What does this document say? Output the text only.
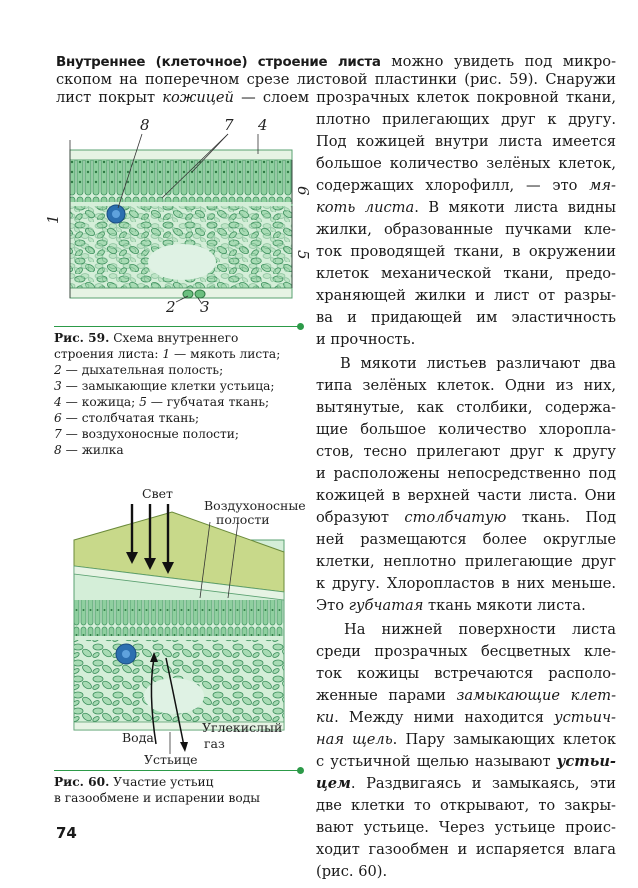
Внутреннее (клеточное) строение листа можно увидеть под микро-
скопом на поперечном срезе листовой пластинки (рис. 59). Снаружи
лист покрыт кожицей — слоем прозрачных клеток покровной ткани,
плотно прилегающих друг к другу.
Под кожицей внутри листа имеется
большое количество зелёных клеток,
содержащих хлорофилл, — это мя-
коть листа. В мякоти листа видны
жилки, образованные пучками кле-
ток проводящей ткани, в окружении
клеток механической ткани, предо-
храняющей жилки и лист от разры-
ва и придающей им эластичность
и прочность.
В мякоти листьев различают два
типа зелёных клеток. Одни из них,
вытянутые, как столбики, содержа-
щие большое количество хлоропла-
стов, тесно прилегают друг к другу
и расположены непосредственно под
кожицей в верхней части листа. Они
образуют столбчатую ткань. Под
ней размещаются более округлые
клетки, неплотно прилегающие друг
к другу. Хлоропластов в них меньше.
Это губчатая ткань мякоти листа.
На нижней поверхности листа
среди прозрачных бесцветных кле-
ток кожицы встречаются располо-
женные парами замыкающие клет-
ки. Между ними находится устьич-
ная щель. Пару замыкающих клеток
с устьичной щелью называют устьи-
цем. Раздвигаясь и замыкаясь, эти
две клетки то открывают, то закры-
вают устьице. Через устьице проис-
ходит газообмен и испаряется влага
(рис. 60).
8	7 4
6
1
5
2 3
Рис. 59. Схема внутреннего
строения листа: 1 — мякоть листа;
2 — дыхательная полость;
3 — замыкающие клетки устьица;
4 — кожица; 5 — губчатая ткань;
6 — столбчатая ткань;
7 — воздухоносные полости;
8 — жилка
Свет
Воздухоносные
полости
Углекислый
газ
Вода
Устьице
Рис. 60. Участие устьиц
в газообмене и испарении воды
74
